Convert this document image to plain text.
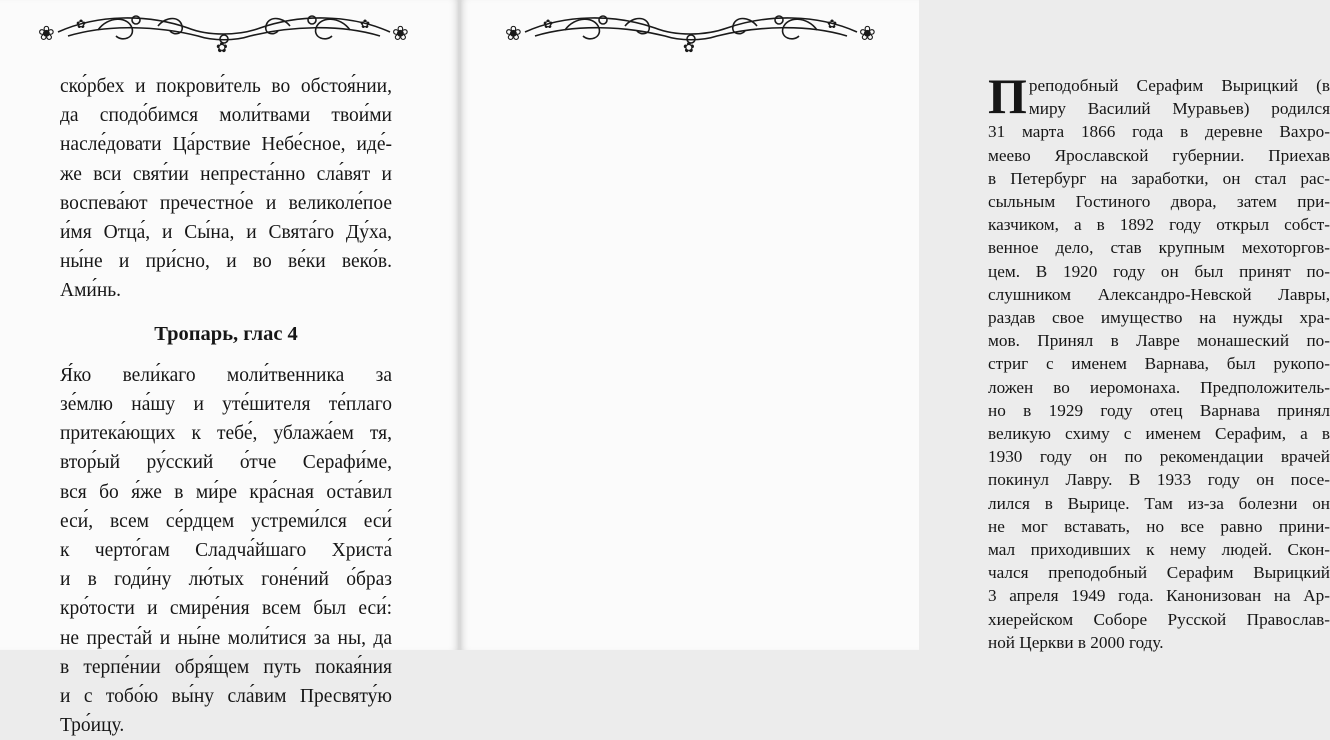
❀
✿
❀
✿	✿
ско́рбех и покрови́тель во обстоя́нии,
да сподо́бимся моли́твами твои́ми
насле́довати Ца́рствие Небе́сное, иде́-
же вси свят́ии непреста́нно сла́вят и
воспева́ют пречестно́е и великоле́пое
и́мя Отца́, и Сы́на, и Свята́го Ду́ха,
ны́не и при́сно, и во ве́ки веко́в.
Ами́нь.
Тропарь, глас 4
Я́ко вели́каго моли́твенника за
зе́млю на́шу и уте́шителя те́плаго
притека́ющих к тебе́, ублажа́ем тя,
втор́ый ру́сский о́тче Серафи́ме,
вся бо я́же в ми́ре кра́сная оста́вил
еси́, всем се́рдцем устреми́лся еси́
к черто́гам Сладча́йшаго Христа́
и в годи́ну лю́тых гоне́ний о́браз
кро́тости и смире́ния всем был еси́:
не преста́й и ны́не моли́тися за ны, да
в терпе́нии обря́щем путь покая́ния
и с тобо́ю вы́ну сла́вим Пресвяту́ю
Тро́ицу.
❀
✿
❀
✿	✿
П реподобный Серафим Вырицкий (в
миру Василий Муравьев) родился
31 марта 1866 года в деревне Вахро-
меево Ярославской губернии. Приехав
в Петербург на заработки, он стал рас-
сыльным Гостиного двора, затем при-
казчиком, а в 1892 году открыл собст-
венное дело, став крупным мехоторгов-
цем. В 1920 году он был принят по-
слушником Александро-Невской Лавры,
раздав свое имущество на нужды хра-
мов. Принял в Лавре монашеский по-
стриг с именем Варнава, был рукопо-
ложен во иеромонаха. Предположитель-
но в 1929 году отец Варнава принял
великую схиму с именем Серафим, а в
1930 году он по рекомендации врачей
покинул Лавру. В 1933 году он посе-
лился в Вырице. Там из-за болезни он
не мог вставать, но все равно прини-
мал приходивших к нему людей. Скон-
чался преподобный Серафим Вырицкий
3 апреля 1949 года. Канонизован на Ар-
хиерейском Соборе Русской Православ-
ной Церкви в 2000 году.
